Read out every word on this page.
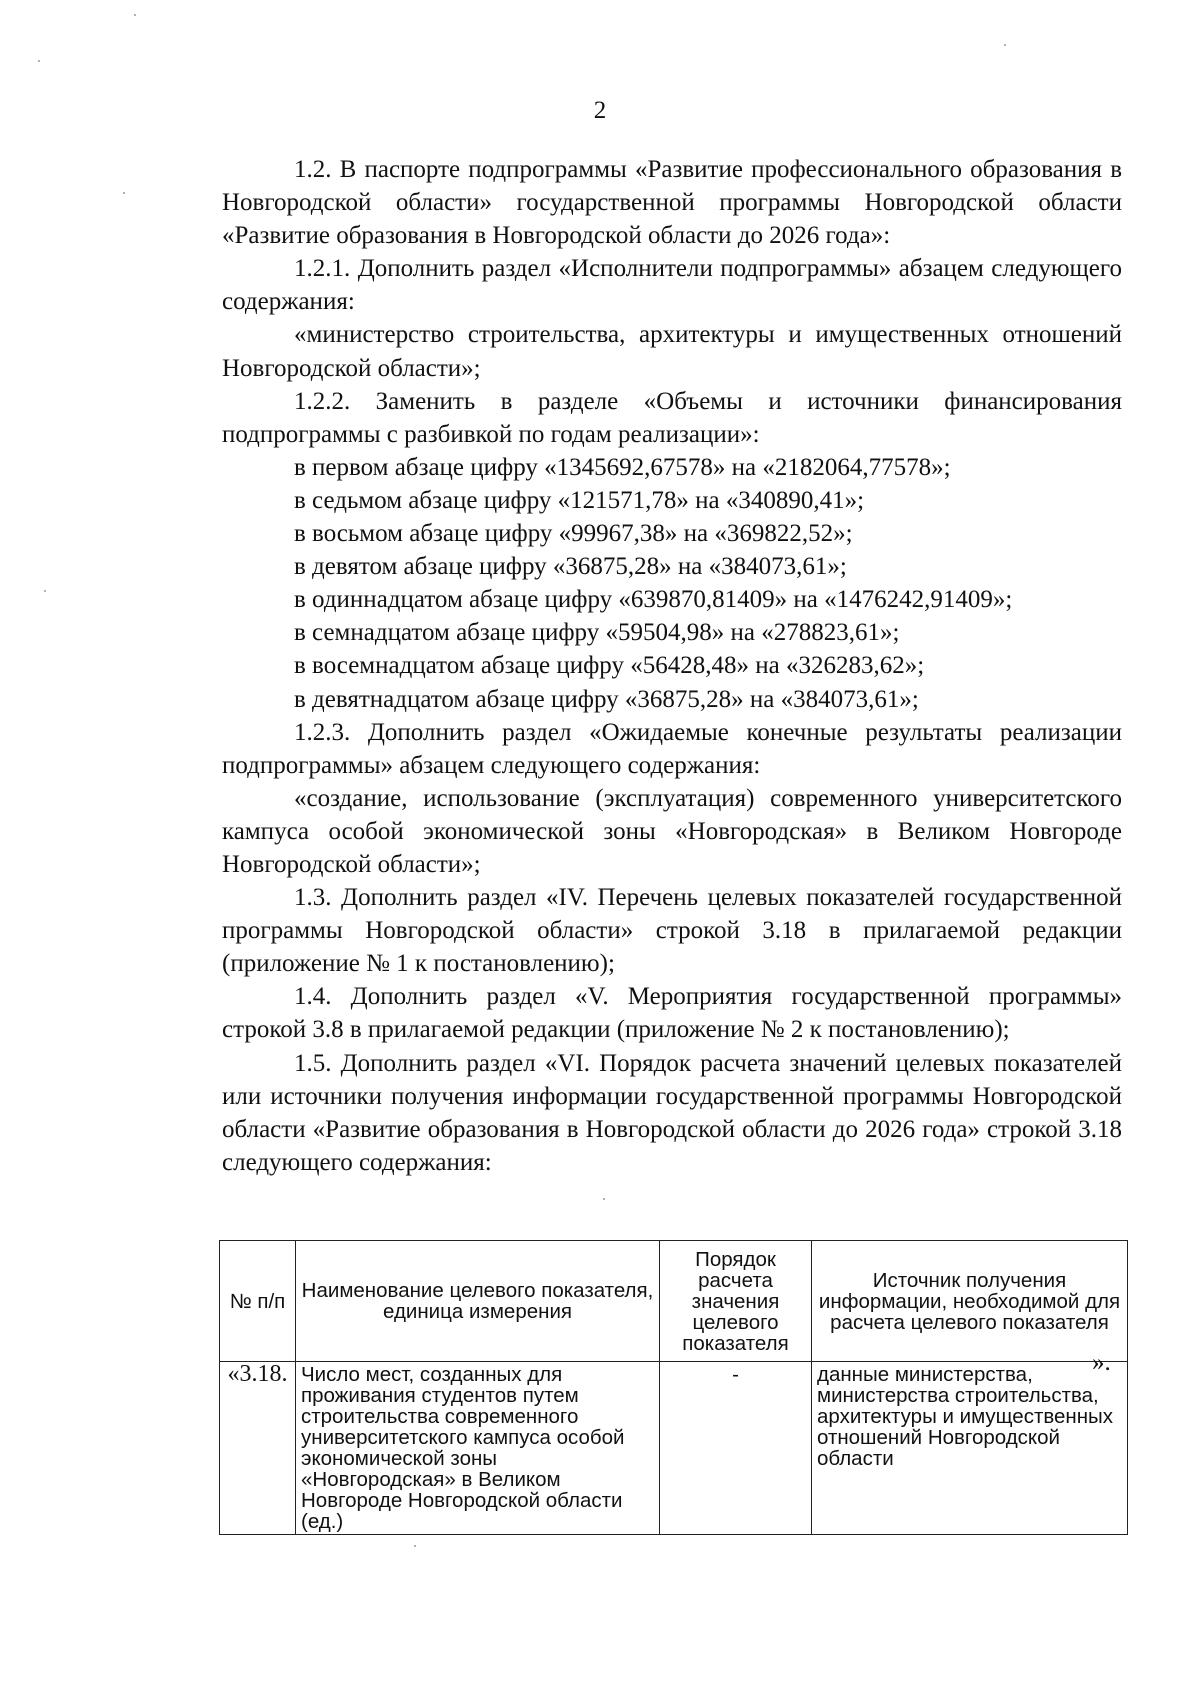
2

1.2. В паспорте подпрограммы «Развитие профессионального образования в Новгородской области» государственной программы Новгородской области «Развитие образования в Новгородской области до 2026 года»:

1.2.1. Дополнить раздел «Исполнители подпрограммы» абзацем следующего содержания:

«министерство строительства, архитектуры и имущественных отношений Новгородской области»;

1.2.2. Заменить в разделе «Объемы и источники финансирования подпрограммы с разбивкой по годам реализации»:

в первом абзаце цифру «1345692,67578» на «2182064,77578»;

в седьмом абзаце цифру «121571,78» на «340890,41»;

в восьмом абзаце цифру «99967,38» на «369822,52»;

в девятом абзаце цифру «36875,28» на «384073,61»;

в одиннадцатом абзаце цифру «639870,81409» на «1476242,91409»;

в семнадцатом абзаце цифру «59504,98» на «278823,61»;

в восемнадцатом абзаце цифру «56428,48» на «326283,62»;

в девятнадцатом абзаце цифру «36875,28» на «384073,61»;

1.2.3. Дополнить раздел «Ожидаемые конечные результаты реализации подпрограммы» абзацем следующего содержания:

«создание, использование (эксплуатация) современного университетского кампуса особой экономической зоны «Новгородская» в Великом Новгороде Новгородской области»;

1.3. Дополнить раздел «IV. Перечень целевых показателей государственной программы Новгородской области» строкой 3.18 в прилагаемой редакции (приложение № 1 к постановлению);

1.4. Дополнить раздел «V. Мероприятия государственной программы» строкой 3.8 в прилагаемой редакции (приложение № 2 к постановлению);

1.5. Дополнить раздел «VI. Порядок расчета значений целевых показателей или источники получения информации государственной программы Новгородской области «Развитие образования в Новгородской области до 2026 года» строкой 3.18 следующего содержания:

№ п/п	Наименование целевого показателя, единица измерения	Порядок расчета значения целевого показателя	Источник получения информации, необходимой для расчета целевого показателя
«3.18.	Число мест, созданных для проживания студентов путем строительства современного университетского кампуса особой экономической зоны «Новгородская» в Великом Новгороде Новгородской области (ед.)	-	данные министерства, министерства строительства, архитектуры и имущественных отношений Новгородской области
».
